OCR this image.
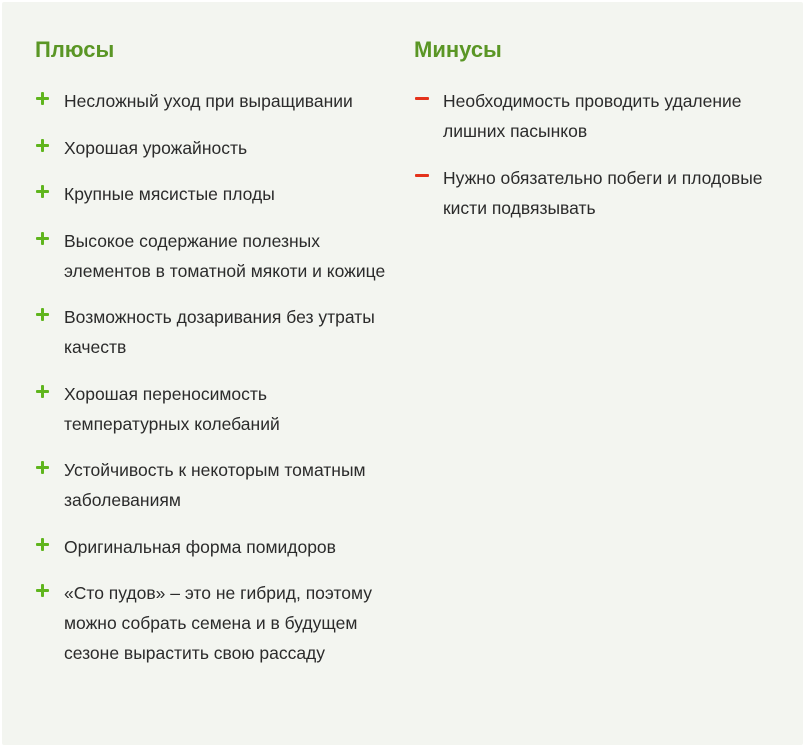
Плюсы
Несложный уход при выращивании
Хорошая урожайность
Крупные мясистые плоды
Высокое содержание полезных элементов в томатной мякоти и кожице
Возможность дозаривания без утраты качеств
Хорошая переносимость температурных колебаний
Устойчивость к некоторым томатным заболеваниям
Оригинальная форма помидоров
«Сто пудов» – это не гибрид, поэтому можно собрать семена и в будущем сезоне вырастить свою рассаду
Минусы
Необходимость проводить удаление лишних пасынков
Нужно обязательно побеги и плодовые кисти подвязывать
